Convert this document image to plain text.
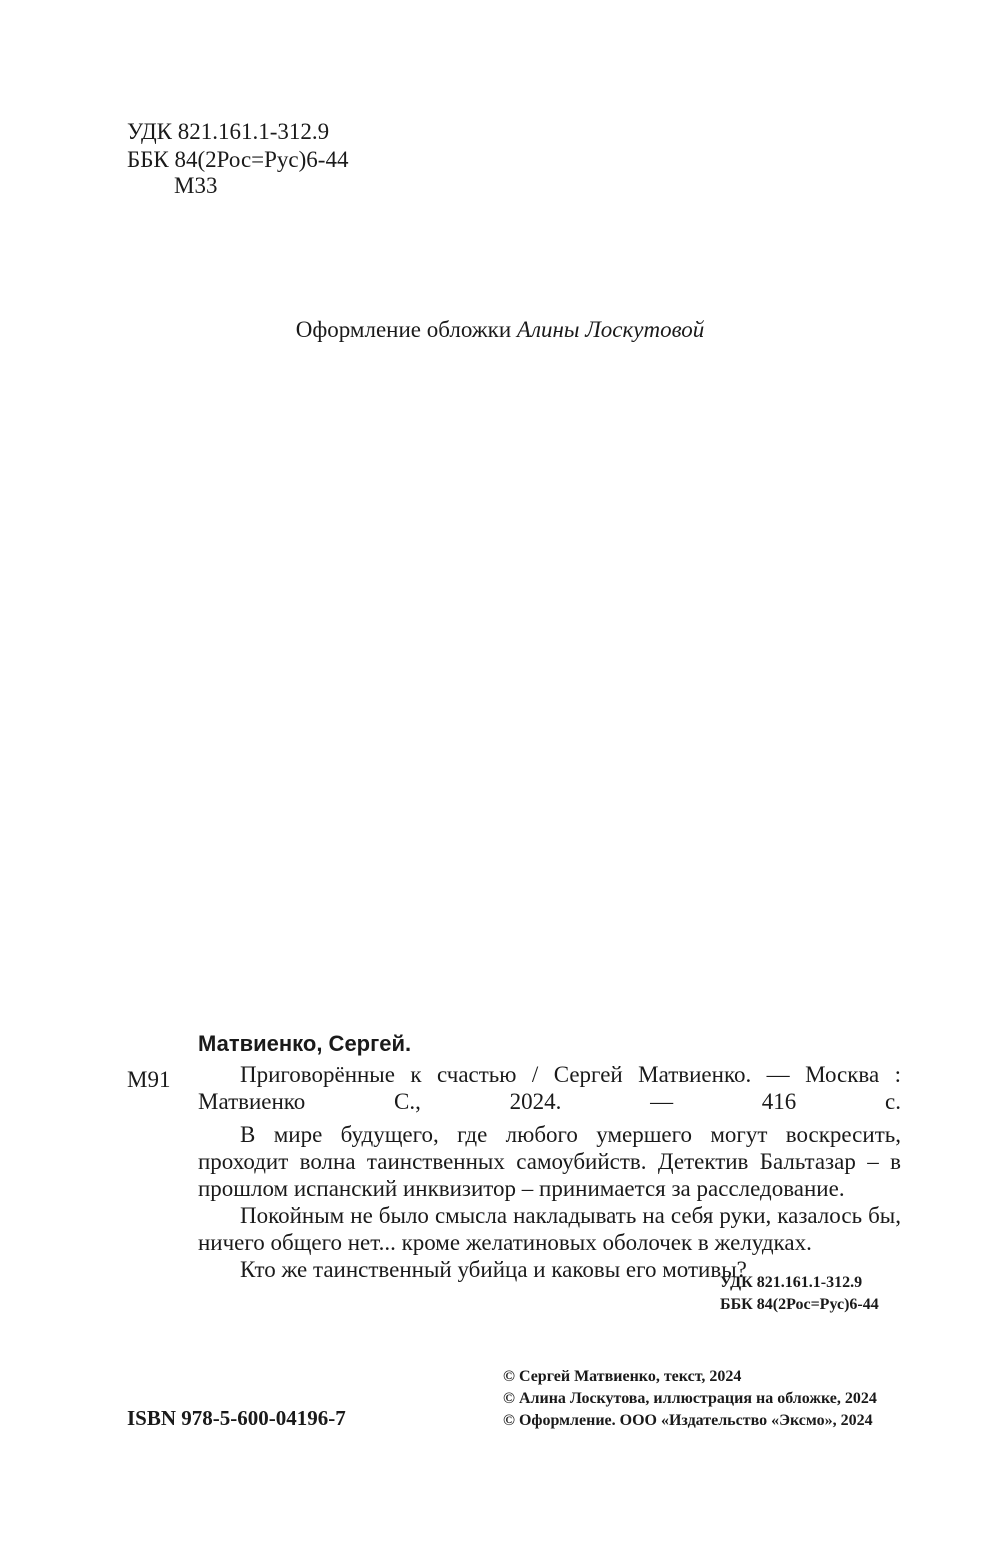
УДК 821.161.1-312.9
ББК 84(2Рос=Рус)6-44
М33
Оформление обложки Алины Лоскутовой
М91
Матвиенко, Сергей.

Приговорённые к счастью / Сергей Матвиенко. — Москва : Матвиенко С., 2024. — 416 с.

В мире будущего, где любого умершего могут воскресить, проходит волна таинственных самоубийств. Детектив Бальтазар – в прошлом испанский инквизитор – принимается за расследование.

Покойным не было смысла накладывать на себя руки, казалось бы, ничего общего нет... кроме желатиновых оболочек в желудках.

Кто же таинственный убийца и каковы его мотивы?

УДК 821.161.1-312.9
ББК 84(2Рос=Рус)6-44
ISBN 978-5-600-04196-7
© Сергей Матвиенко, текст, 2024
© Алина Лоскутова, иллюстрация на обложке, 2024
© Оформление. ООО «Издательство «Эксмо», 2024
